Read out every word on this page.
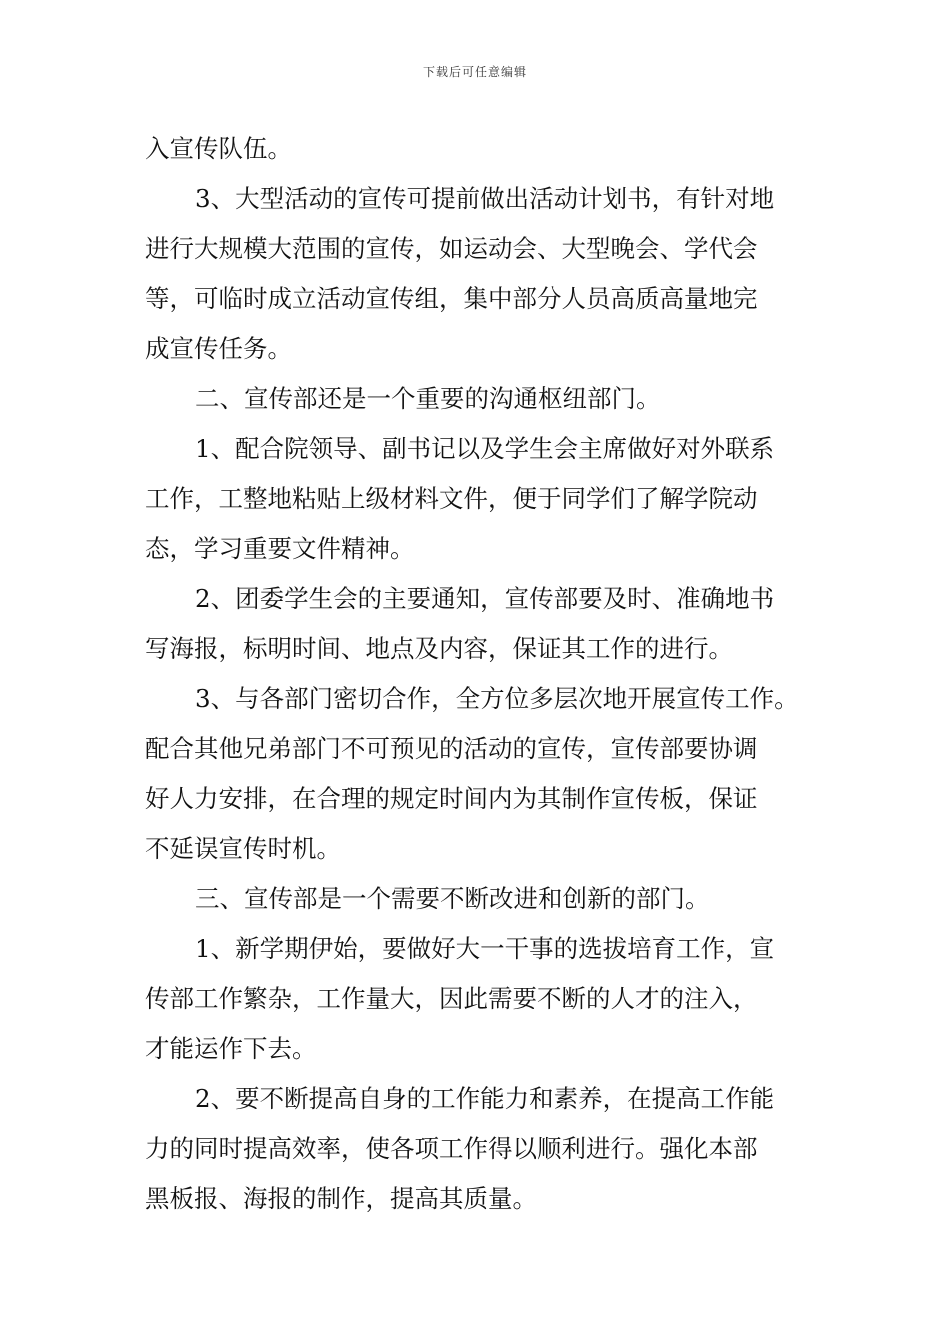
下载后可任意编辑

入宣传队伍。

3、大型活动的宣传可提前做出活动计划书，有针对地

进行大规模大范围的宣传，如运动会、大型晚会、学代会

等，可临时成立活动宣传组，集中部分人员高质高量地完

成宣传任务。

二、宣传部还是一个重要的沟通枢纽部门。

1、配合院领导、副书记以及学生会主席做好对外联系

工作，工整地粘贴上级材料文件，便于同学们了解学院动

态，学习重要文件精神。

2、团委学生会的主要通知，宣传部要及时、准确地书

写海报，标明时间、地点及内容，保证其工作的进行。

3、与各部门密切合作，全方位多层次地开展宣传工作。

配合其他兄弟部门不可预见的活动的宣传，宣传部要协调

好人力安排，在合理的规定时间内为其制作宣传板，保证

不延误宣传时机。

三、宣传部是一个需要不断改进和创新的部门。

1、新学期伊始，要做好大一干事的选拔培育工作，宣

传部工作繁杂，工作量大，因此需要不断的人才的注入，

才能运作下去。

2、要不断提高自身的工作能力和素养，在提高工作能

力的同时提高效率，使各项工作得以顺利进行。强化本部

黑板报、海报的制作，提高其质量。
